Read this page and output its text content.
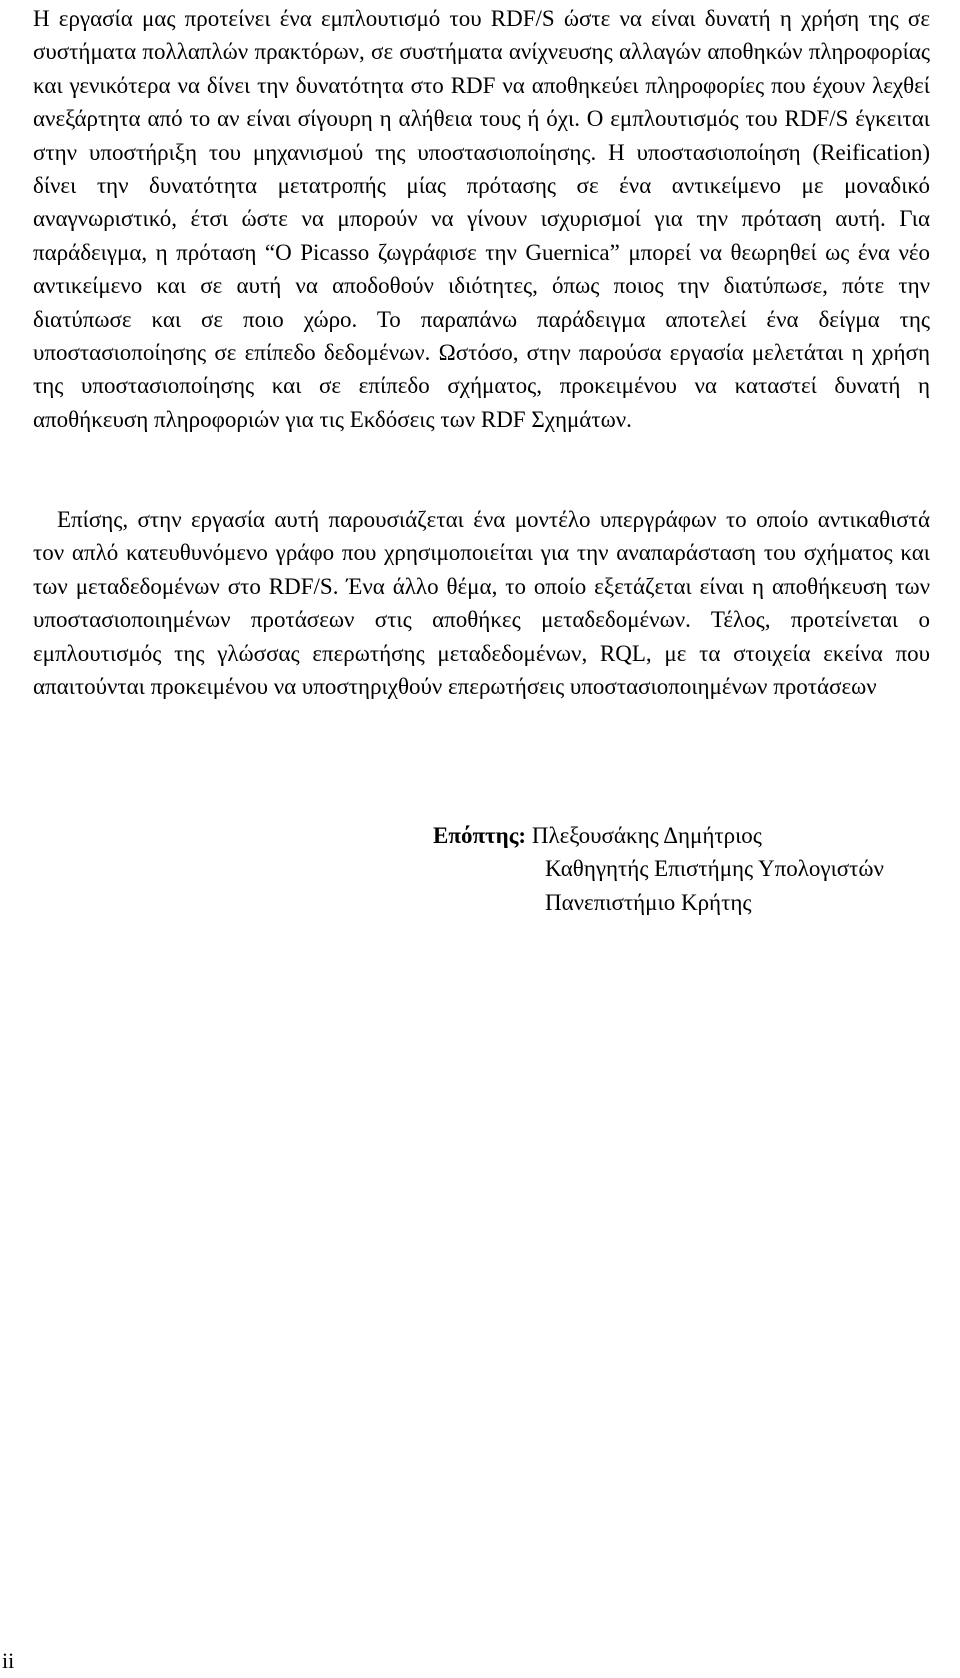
Η εργασία μας προτείνει ένα εμπλουτισμό του RDF/S ώστε να είναι δυνατή η χρήση της σε συστήματα πολλαπλών πρακτόρων, σε συστήματα ανίχνευσης αλλαγών αποθηκών πληροφορίας και γενικότερα να δίνει την δυνατότητα στο RDF να αποθηκεύει πληροφορίες που έχουν λεχθεί ανεξάρτητα από το αν είναι σίγουρη η αλήθεια τους ή όχι. Ο εμπλουτισμός του RDF/S έγκειται στην υποστήριξη του μηχανισμού της υποστασιοποίησης. Η υποστασιοποίηση (Reification) δίνει την δυνατότητα μετατροπής μίας πρότασης σε ένα αντικείμενο με μοναδικό αναγνωριστικό, έτσι ώστε να μπορούν να γίνουν ισχυρισμοί για την πρόταση αυτή. Για παράδειγμα, η πρόταση “Ο Picasso ζωγράφισε την Guernica” μπορεί να θεωρηθεί ως ένα νέο αντικείμενο και σε αυτή να αποδοθούν ιδιότητες, όπως ποιος την διατύπωσε, πότε την διατύπωσε και σε ποιο χώρο. Το παραπάνω παράδειγμα αποτελεί ένα δείγμα της υποστασιοποίησης σε επίπεδο δεδομένων. Ωστόσο, στην παρούσα εργασία μελετάται η χρήση της υποστασιοποίησης και σε επίπεδο σχήματος, προκειμένου να καταστεί δυνατή η αποθήκευση πληροφοριών για τις Εκδόσεις των RDF Σχημάτων.

Επίσης, στην εργασία αυτή παρουσιάζεται ένα μοντέλο υπεργράφων το οποίο αντικαθιστά τον απλό κατευθυνόμενο γράφο που χρησιμοποιείται για την αναπαράσταση του σχήματος και των μεταδεδομένων στο RDF/S. Ένα άλλο θέμα, το οποίο εξετάζεται είναι η αποθήκευση των υποστασιοποιημένων προτάσεων στις αποθήκες μεταδεδομένων. Τέλος, προτείνεται ο εμπλουτισμός της γλώσσας επερωτήσης μεταδεδομένων, RQL, με τα στοιχεία εκείνα που απαιτούνται προκειμένου να υποστηριχθούν επερωτήσεις υποστασιοποιημένων προτάσεων

Επόπτης: Πλεξουσάκης Δημήτριος
Καθηγητής Επιστήμης Υπολογιστών
Πανεπιστήμιο Κρήτης
ii
